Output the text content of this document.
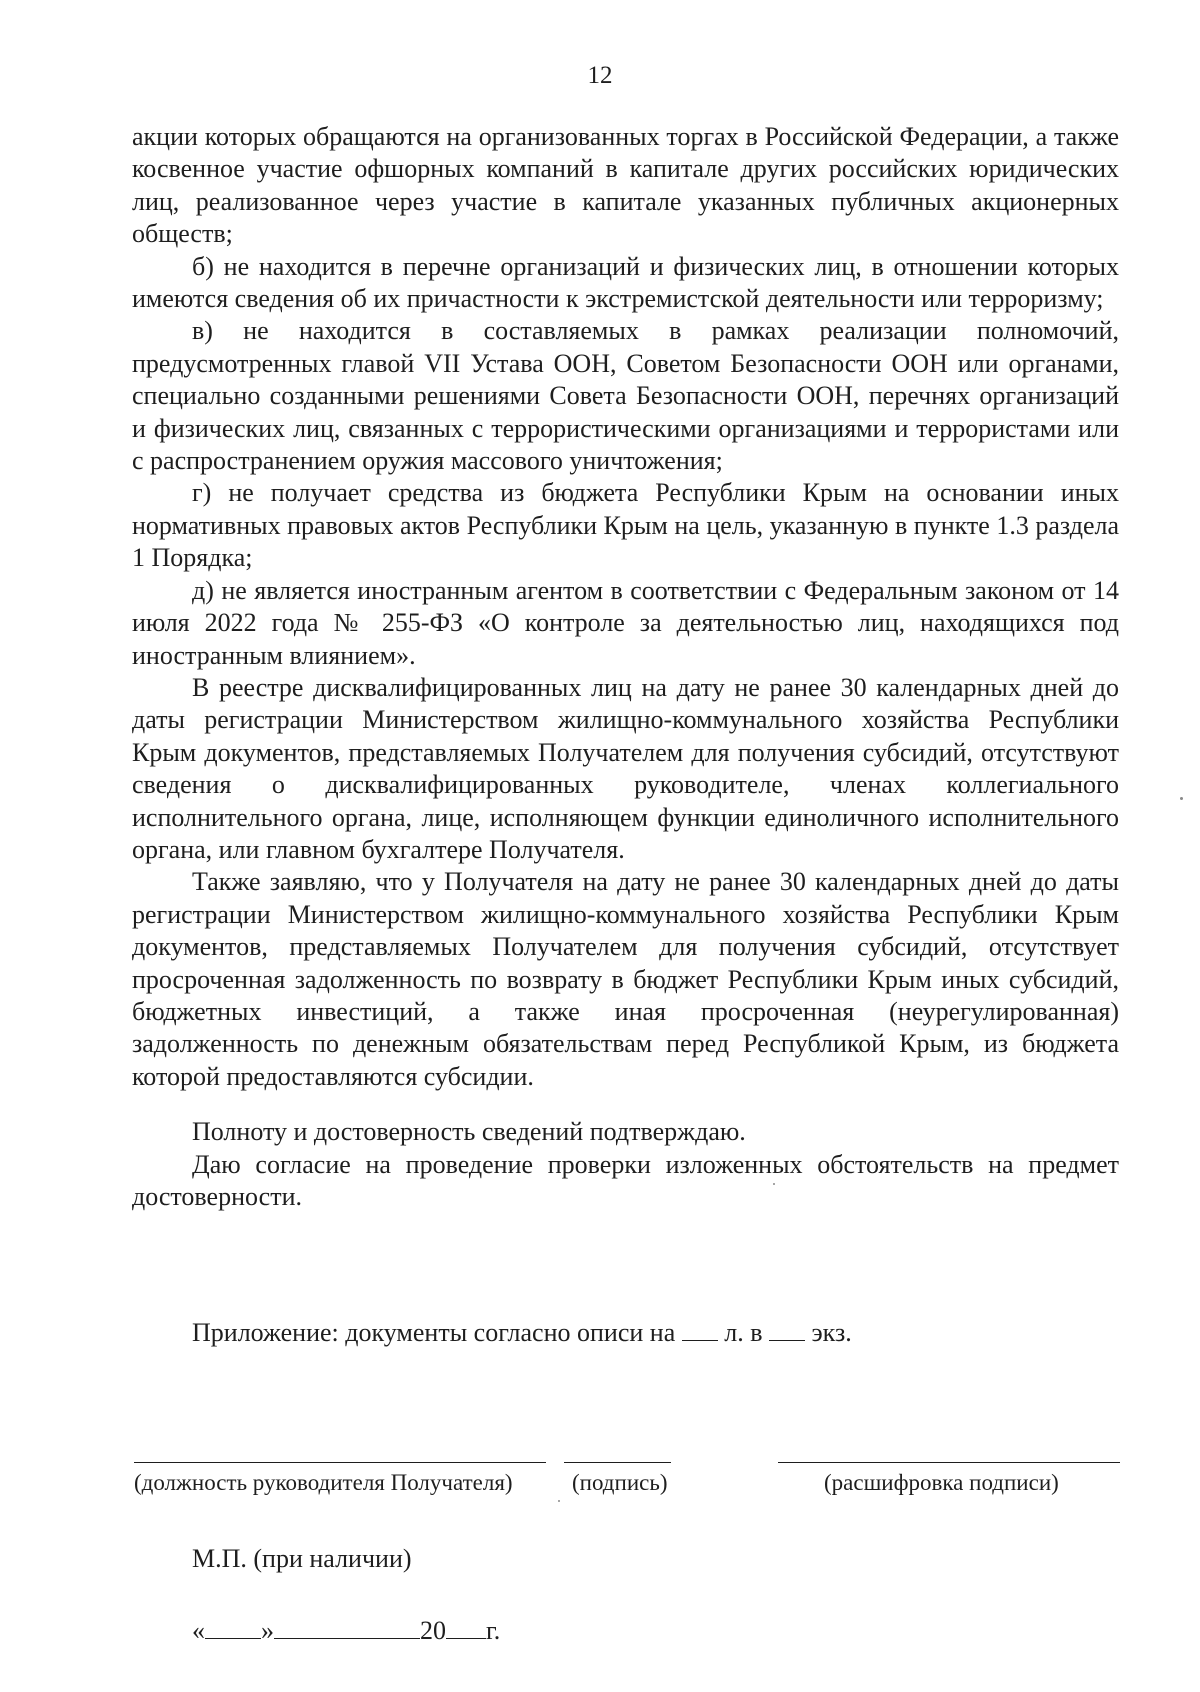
12

акции которых обращаются на организованных торгах в Российской Федерации, а также косвенное участие офшорных компаний в капитале других российских юридических лиц, реализованное через участие в капитале указанных публичных акционерных обществ;

б) не находится в перечне организаций и физических лиц, в отношении которых имеются сведения об их причастности к экстремистской деятельности или терроризму;

в) не находится в составляемых в рамках реализации полномочий, предусмотренных главой VII Устава ООН, Советом Безопасности ООН или органами, специально созданными решениями Совета Безопасности ООН, перечнях организаций и физических лиц, связанных с террористическими организациями и террористами или с распространением оружия массового уничтожения;

г) не получает средства из бюджета Республики Крым на основании иных нормативных правовых актов Республики Крым на цель, указанную в пункте 1.3 раздела 1 Порядка;

д) не является иностранным агентом в соответствии с Федеральным законом от 14 июля 2022 года № 255-ФЗ «О контроле за деятельностью лиц, находящихся под иностранным влиянием».

В реестре дисквалифицированных лиц на дату не ранее 30 календарных дней до даты регистрации Министерством жилищно-коммунального хозяйства Республики Крым документов, представляемых Получателем для получения субсидий, отсутствуют сведения о дисквалифицированных руководителе, членах коллегиального исполнительного органа, лице, исполняющем функции единоличного исполнительного органа, или главном бухгалтере Получателя.

Также заявляю, что у Получателя на дату не ранее 30 календарных дней до даты регистрации Министерством жилищно-коммунального хозяйства Республики Крым документов, представляемых Получателем для получения субсидий, отсутствует просроченная задолженность по возврату в бюджет Республики Крым иных субсидий, бюджетных инвестиций, а также иная просроченная (неурегулированная) задолженность по денежным обязательствам перед Республикой Крым, из бюджета которой предоставляются субсидии.

Полноту и достоверность сведений подтверждаю.

Даю согласие на проведение проверки изложенных обстоятельств на предмет достоверности.

Приложение: документы согласно описи на л. в экз.
(должность руководителя Получателя)	(подпись)	(расшифровка подписи)
М.П. (при наличии)
« »	20 г.
